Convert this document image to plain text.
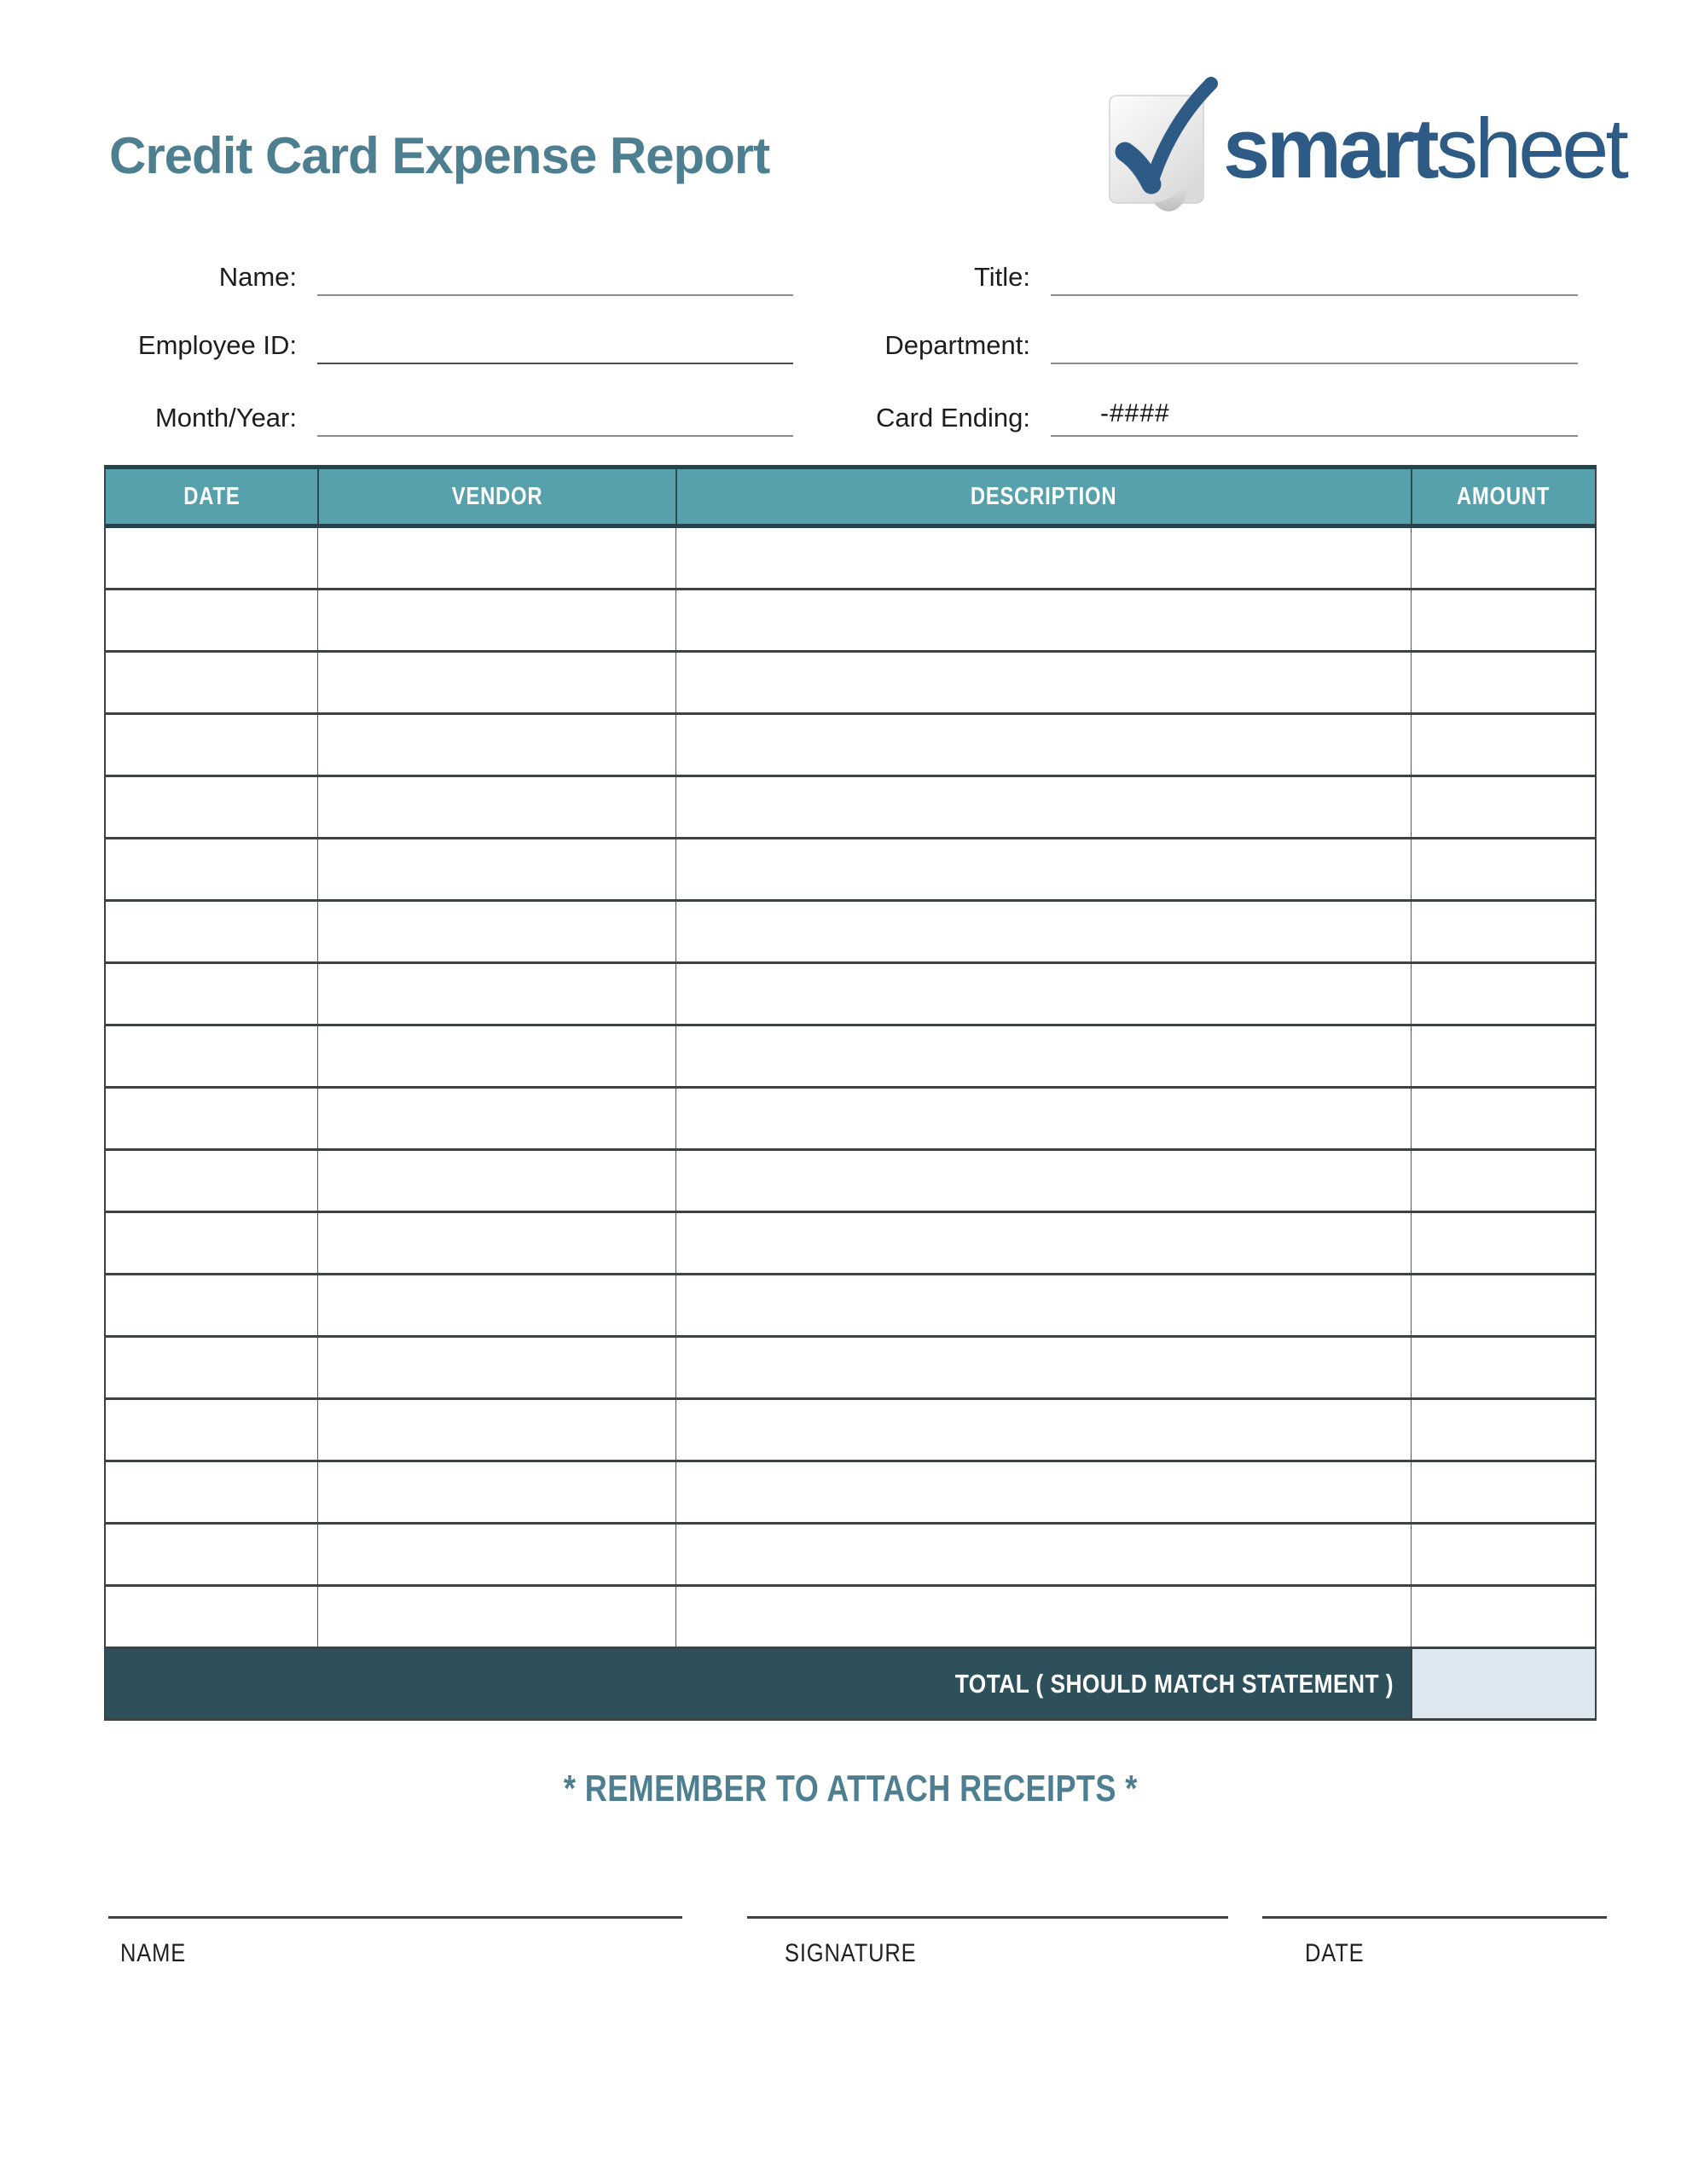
Credit Card Expense Report	smartsheet
Name:
Employee ID:
Month/Year:
Title:
Department:
Card Ending:	-####
DATE	VENDOR	DESCRIPTION	AMOUNT
TOTAL ( SHOULD MATCH STATEMENT )
* REMEMBER TO ATTACH RECEIPTS *
NAME	SIGNATURE	DATE
